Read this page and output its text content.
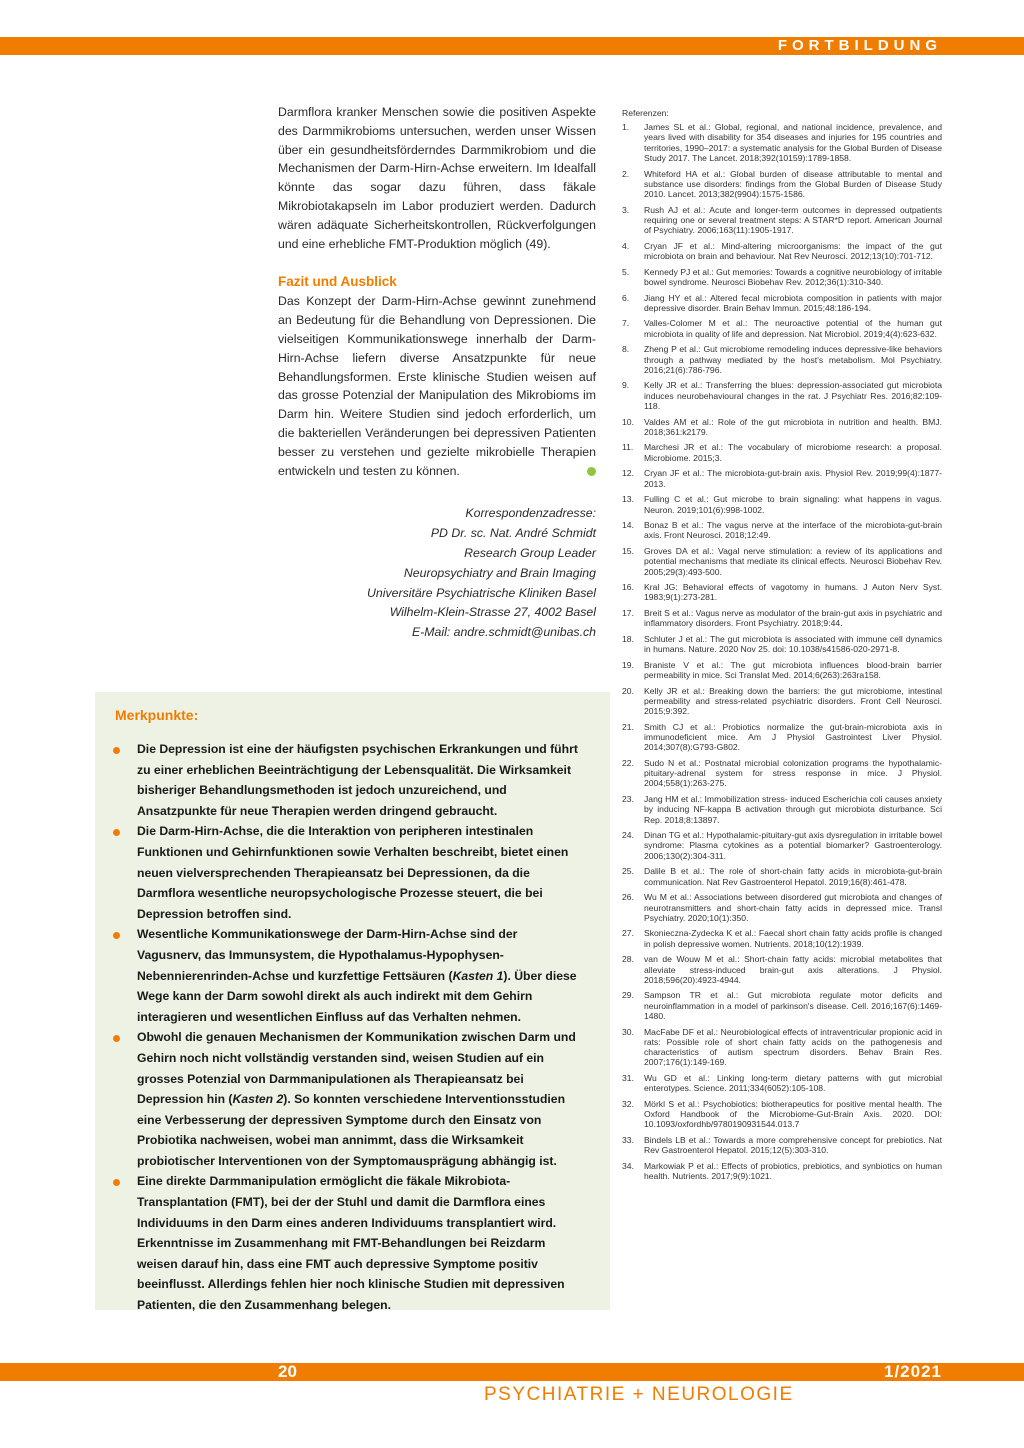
FORTBILDUNG

Darmflora kranker Menschen sowie die positiven Aspekte des Darmmikrobioms untersuchen, werden unser Wissen über ein gesundheitsförderndes Darmmikrobiom und die Mechanismen der Darm-Hirn-Achse erweitern. Im Idealfall könnte das sogar dazu führen, dass fäkale Mikrobiotakapseln im Labor produziert werden. Dadurch wären adäquate Sicherheitskontrollen, Rückverfolgungen und eine erhebliche FMT-Produktion möglich (49).

Fazit und Ausblick

Das Konzept der Darm-Hirn-Achse gewinnt zunehmend an Bedeutung für die Behandlung von Depressionen. Die vielseitigen Kommunikationswege innerhalb der Darm-Hirn-Achse liefern diverse Ansatzpunkte für neue Behandlungsformen. Erste klinische Studien weisen auf das grosse Potenzial der Manipulation des Mikrobioms im Darm hin. Weitere Studien sind jedoch erforderlich, um die bakteriellen Veränderungen bei depressiven Patienten besser zu verstehen und gezielte mikrobielle Therapien entwickeln und testen zu können.

Korrespondenzadresse:
PD Dr. sc. Nat. André Schmidt
Research Group Leader
Neuropsychiatry and Brain Imaging
Universitäre Psychiatrische Kliniken Basel
Wilhelm-Klein-Strasse 27, 4002 Basel
E-Mail: andre.schmidt@unibas.ch
Merkpunkte:
Die Depression ist eine der häufigsten psychischen Erkrankungen und führt zu einer erheblichen Beeinträchtigung der Lebensqualität. Die Wirksamkeit bisheriger Behandlungsmethoden ist jedoch unzureichend, und Ansatzpunkte für neue Therapien werden dringend gebraucht.
Die Darm-Hirn-Achse, die die Interaktion von peripheren intestinalen Funktionen und Gehirnfunktionen sowie Verhalten beschreibt, bietet einen neuen vielversprechenden Therapieansatz bei Depressionen, da die Darmflora wesentliche neuropsychologische Prozesse steuert, die bei Depression betroffen sind.
Wesentliche Kommunikationswege der Darm-Hirn-Achse sind der Vagusnerv, das Immunsystem, die Hypothalamus-Hypophysen-Nebennierenrinden-Achse und kurzfettige Fettsäuren (Kasten 1). Über diese Wege kann der Darm sowohl direkt als auch indirekt mit dem Gehirn interagieren und wesentlichen Einfluss auf das Verhalten nehmen.
Obwohl die genauen Mechanismen der Kommunikation zwischen Darm und Gehirn noch nicht vollständig verstanden sind, weisen Studien auf ein grosses Potenzial von Darmmanipulationen als Therapieansatz bei Depression hin (Kasten 2). So konnten verschiedene Interventionsstudien eine Verbesserung der depressiven Symptome durch den Einsatz von Probiotika nachweisen, wobei man annimmt, dass die Wirksamkeit probiotischer Interventionen von der Symptomausprägung abhängig ist.
Eine direkte Darmmanipulation ermöglicht die fäkale Mikrobiota-Transplantation (FMT), bei der der Stuhl und damit die Darmflora eines Individuums in den Darm eines anderen Individuums transplantiert wird. Erkenntnisse im Zusammenhang mit FMT-Behandlungen bei Reizdarm weisen darauf hin, dass eine FMT auch depressive Symptome positiv beeinflusst. Allerdings fehlen hier noch klinische Studien mit depressiven Patienten, die den Zusammenhang belegen.
Referenzen:
1.	James SL et al.: Global, regional, and national incidence, prevalence, and years lived with disability for 354 diseases and injuries for 195 countries and territories, 1990–2017: a systematic analysis for the Global Burden of Disease Study 2017. The Lancet. 2018;392(10159):1789-1858.
2.	Whiteford HA et al.: Global burden of disease attributable to mental and substance use disorders: findings from the Global Burden of Disease Study 2010. Lancet. 2013;382(9904):1575-1586.
3.	Rush AJ et al.: Acute and longer-term outcomes in depressed outpatients requiring one or several treatment steps: A STAR*D report. American Journal of Psychiatry. 2006;163(11):1905-1917.
4.	Cryan JF et al.: Mind-altering microorganisms: the impact of the gut microbiota on brain and behaviour. Nat Rev Neurosci. 2012;13(10):701-712.
5.	Kennedy PJ et al.: Gut memories: Towards a cognitive neurobiology of irritable bowel syndrome. Neurosci Biobehav Rev. 2012;36(1):310-340.
6.	Jiang HY et al.: Altered fecal microbiota composition in patients with major depressive disorder. Brain Behav Immun. 2015;48:186-194.
7.	Valles-Colomer M et al.: The neuroactive potential of the human gut microbiota in quality of life and depression. Nat Microbiol. 2019;4(4):623-632.
8.	Zheng P et al.: Gut microbiome remodeling induces depressive-like behaviors through a pathway mediated by the host's metabolism. Mol Psychiatry. 2016;21(6):786-796.
9.	Kelly JR et al.: Transferring the blues: depression-associated gut microbiota induces neurobehavioural changes in the rat. J Psychiatr Res. 2016;82:109-118.
10.	Valdes AM et al.: Role of the gut microbiota in nutrition and health. BMJ. 2018;361:k2179.
11.	Marchesi JR et al.: The vocabulary of microbiome research: a proposal. Microbiome. 2015;3.
12.	Cryan JF et al.: The microbiota-gut-brain axis. Physiol Rev. 2019;99(4):1877-2013.
13.	Fulling C et al.: Gut microbe to brain signaling: what happens in vagus. Neuron. 2019;101(6):998-1002.
14.	Bonaz B et al.: The vagus nerve at the interface of the microbiota-gut-brain axis. Front Neurosci. 2018;12:49.
15.	Groves DA et al.: Vagal nerve stimulation: a review of its applications and potential mechanisms that mediate its clinical effects. Neurosci Biobehav Rev. 2005;29(3):493-500.
16.	Kral JG: Behavioral effects of vagotomy in humans. J Auton Nerv Syst. 1983;9(1):273-281.
17.	Breit S et al.: Vagus nerve as modulator of the brain-gut axis in psychiatric and inflammatory disorders. Front Psychiatry. 2018;9:44.
18.	Schluter J et al.: The gut microbiota is associated with immune cell dynamics in humans. Nature. 2020 Nov 25. doi: 10.1038/s41586-020-2971-8.
19.	Braniste V et al.: The gut microbiota influences blood-brain barrier permeability in mice. Sci Translat Med. 2014;6(263):263ra158.
20.	Kelly JR et al.: Breaking down the barriers: the gut microbiome, intestinal permeability and stress-related psychiatric disorders. Front Cell Neurosci. 2015;9:392.
21.	Smith CJ et al.: Probiotics normalize the gut-brain-microbiota axis in immunodeficient mice. Am J Physiol Gastrointest Liver Physiol. 2014;307(8):G793-G802.
22.	Sudo N et al.: Postnatal microbial colonization programs the hypothalamic-pituitary-adrenal system for stress response in mice. J Physiol. 2004;558(1):263-275.
23.	Jang HM et al.: Immobilization stress- induced Escherichia coli causes anxiety by inducing NF-kappa B activation through gut microbiota disturbance. Sci Rep. 2018;8:13897.
24.	Dinan TG et al.: Hypothalamic-pituitary-gut axis dysregulation in irritable bowel syndrome: Plasma cytokines as a potential biomarker? Gastroenterology. 2006;130(2):304-311.
25.	Dalile B et al.: The role of short-chain fatty acids in microbiota-gut-brain communication. Nat Rev Gastroenterol Hepatol. 2019;16(8):461-478.
26.	Wu M et al.: Associations between disordered gut microbiota and changes of neurotransmitters and short-chain fatty acids in depressed mice. Transl Psychiatry. 2020;10(1):350.
27.	Skonieczna-Zydecka K et al.: Faecal short chain fatty acids profile is changed in polish depressive women. Nutrients. 2018;10(12):1939.
28.	van de Wouw M et al.: Short-chain fatty acids: microbial metabolites that alleviate stress-induced brain-gut axis alterations. J Physiol. 2018;596(20):4923-4944.
29.	Sampson TR et al.: Gut microbiota regulate motor deficits and neuroinflammation in a model of parkinson's disease. Cell. 2016;167(6):1469-1480.
30.	MacFabe DF et al.: Neurobiological effects of intraventricular propionic acid in rats: Possible role of short chain fatty acids on the pathogenesis and characteristics of autism spectrum disorders. Behav Brain Res. 2007;176(1):149-169.
31.	Wu GD et al.: Linking long-term dietary patterns with gut microbial enterotypes. Science. 2011;334(6052):105-108.
32.	Mörkl S et al.: Psychobiotics: biotherapeutics for positive mental health. The Oxford Handbook of the Microbiome-Gut-Brain Axis. 2020. DOI: 10.1093/oxfordhb/9780190931544.013.7
33.	Bindels LB et al.: Towards a more comprehensive concept for prebiotics. Nat Rev Gastroenterol Hepatol. 2015;12(5):303-310.
34.	Markowiak P et al.: Effects of probiotics, prebiotics, and synbiotics on human health. Nutrients. 2017;9(9):1021.
20	1/2021
PSYCHIATRIE + NEUROLOGIE
